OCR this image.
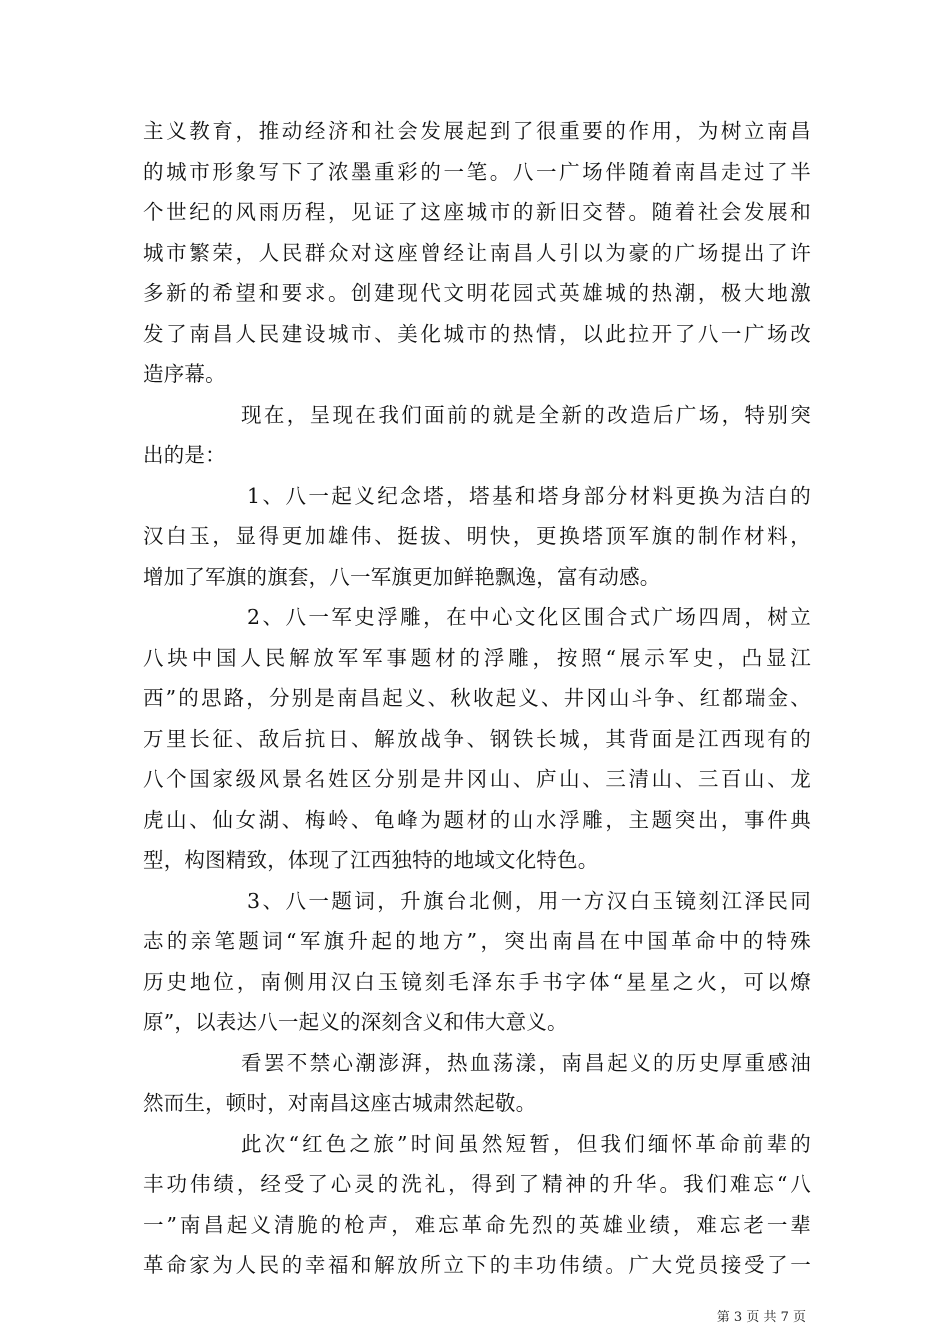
主义教育，推动经济和社会发展起到了很重要的作用，为树立南昌
的城市形象写下了浓墨重彩的一笔。八一广场伴随着南昌走过了半
个世纪的风雨历程，见证了这座城市的新旧交替。随着社会发展和
城市繁荣，人民群众对这座曾经让南昌人引以为豪的广场提出了许
多新的希望和要求。创建现代文明花园式英雄城的热潮，极大地激
发了南昌人民建设城市、美化城市的热情，以此拉开了八一广场改
造序幕。
现在，呈现在我们面前的就是全新的改造后广场，特别突
出的是：
1、八一起义纪念塔，塔基和塔身部分材料更换为洁白的
汉白玉，显得更加雄伟、挺拔、明快，更换塔顶军旗的制作材料，
增加了军旗的旗套，八一军旗更加鲜艳飘逸，富有动感。
2、八一军史浮雕，在中心文化区围合式广场四周，树立
八块中国人民解放军军事题材的浮雕，按照“展示军史，凸显江
西”的思路，分别是南昌起义、秋收起义、井冈山斗争、红都瑞金、
万里长征、敌后抗日、解放战争、钢铁长城，其背面是江西现有的
八个国家级风景名姓区分别是井冈山、庐山、三清山、三百山、龙
虎山、仙女湖、梅岭、龟峰为题材的山水浮雕，主题突出，事件典
型，构图精致，体现了江西独特的地域文化特色。
3、八一题词，升旗台北侧，用一方汉白玉镜刻江泽民同
志的亲笔题词“军旗升起的地方”，突出南昌在中国革命中的特殊
历史地位，南侧用汉白玉镜刻毛泽东手书字体“星星之火，可以燎
原”，以表达八一起义的深刻含义和伟大意义。
看罢不禁心潮澎湃，热血荡漾，南昌起义的历史厚重感油
然而生，顿时，对南昌这座古城肃然起敬。
此次“红色之旅”时间虽然短暂，但我们缅怀革命前辈的
丰功伟绩，经受了心灵的洗礼，得到了精神的升华。我们难忘“八
一”南昌起义清脆的枪声，难忘革命先烈的英雄业绩，难忘老一辈
革命家为人民的幸福和解放所立下的丰功伟绩。广大党员接受了一
第 3 页 共 7 页
